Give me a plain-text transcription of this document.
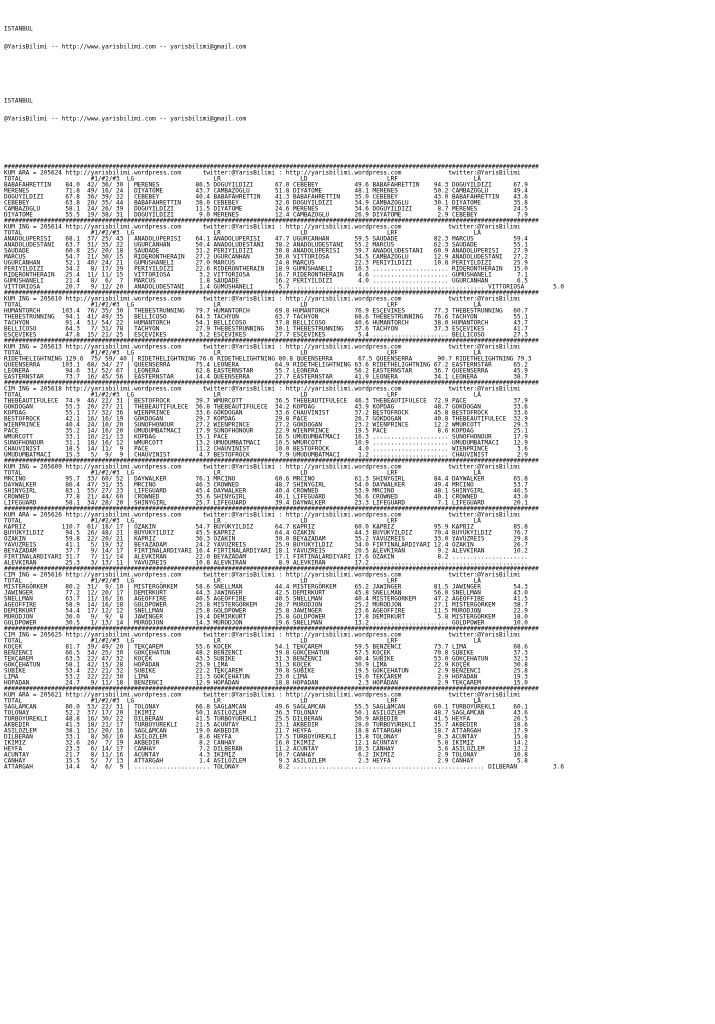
ISTANBUL

@YarisBilimi -- http://www.yarisbilimi.com -- yarisbilimi@gmail.com

ISTANBUL

@YarisBilimi -- http://www.yarisbilimi.com -- yarisbilimi@gmail.com

####################################################################################################################################################
KUM ARA = 205624 http://yarisbilimi.wordpress.com      twitter:@YarisBilimi : http://yarisbilimi.wordpress.com             twitter:@YarisBilimi
TOTAL                   #1/#2/#3  LG                      LR                      LD                      LRF                     LA
BABAFAHRETTIN    84.0  42/ 36/ 30 | MERENES          86.5 DOGUYILDIZI      67.0 CEBEBEY          49.6 BABAFAHRETTIN    94.3 DOGUYILDIZI      67.9
MERENES          71.8  49/ 16/ 24 | DIYATOME         43.7 CAMBAZOGLU       51.8 DIYATOME         48.1 MERENES          50.2 CAMBAZOGLU       49.4
DOGUYILDIZI      67.8  36/ 39/ 22 | CEBEBEY          40.4 BABAFAHRETTIN    41.3 BABAFAHRETTIN    35.0 CEBEBEY          43.0 BABAFAHRETTIN    43.6
CEBEBEY          63.8  20/ 35/ 44 | BABAFAHRETTIN    38.0 CEBEBEY          32.0 DOGUYILDIZI      34.9 CAMBAZOGLU       30.1 DIYATOME         35.8
CAMBAZOGLU       58.1  24/ 26/ 39 | DOGUYILDIZI      11.5 DIYATOME         24.6 MERENES          34.6 DOGUYILDIZI       8.7 MERENES          24.5
DIYATOME         55.5  19/ 38/ 31 | DOGUYILDIZI       9.0 MERENES          12.4 CAMBAZOGLU       26.9 DIYATOME          2.9 CEBEBEY           7.9
####################################################################################################################################################
KUM ING = 205614 http://yarisbilimi.wordpress.com      twitter:@YarisBilimi : http://yarisbilimi.wordpress.com             twitter:@YarisBilimi
TOTAL                   #1/#2/#3  LG                      LR                      LD                      LRF                     LA
ANADOLUPERISI    68.1  37/ 25/ 43 | ANADOLUPERISI    64.1 ANADOLUPERISI    47.7 UGURCANHAN       59.5 SAUDADE          82.3 MARCUS           59.4
ANADOLUDESTANI   63.7  31/ 35/ 22 | UGURCANHAN       50.4 ANADOLUDESTANI   38.2 ANADOLUDESTANI   55.2 MARCUS           62.3 SAUDADE          55.1
SAUDADE          60.8  25/ 20/ 18 | SAUDADE          31.2 PERIYILDIZI      30.8 ANADOLUPERISI    39.7 ANADOLUDESTANI   60.9 ANADOLUPERISI    27.9
MARCUS           54.7  21/ 30/ 15 | RIDERONTHERAIN   27.2 UGURCANHAN       30.0 VITTORIOSA       34.5 CAMBAZOGLU       12.9 ANADOLUDESTANI   27.2
UGURCANHAN       52.1  40/ 24/ 21 | GÜMÜSHANELI      27.0 MARCUS           24.8 MARCUS           22.3 PERIYILDIZI      10.8 PERIYILDIZI      25.9
PERIYILDIZI      34.2   8/ 17/ 29 | PERIYILDIZI      22.6 RIDERONTHERAIN   18.9 GÜMÜSHANELI      10.3 ..................... RIDERONTHERAIN   15.0
RIDERONTHERAIN   25.4  11/ 11/ 15 | VITTORIOSA        3.2 VITTORIOSA       16.7 RIDERONTHERAIN    4.6 ..................... GÜMÜSHANELI       7.1
GÜMÜSHANELI      21.4   8/  6/  7 | MARCUS            1.8 SAUDADE          16.2 PERIYILDIZI       4.0 ..................... UGURCANHAN        6.5
VITTORIOSA       20.7   9/ 12/ 20 | ANADOLUDESTANI    1.4 GÜMÜSHANELI       5.7 ..................................................... VITTORIOSA        5.0
####################################################################################################################################################
KUM ING = 205610 http://yarisbilimi.wordpress.com      twitter:@YarisBilimi : http://yarisbilimi.wordpress.com             twitter:@YarisBilimi
TOTAL                   #1/#2/#3  LG                      LR                      LD                      LRF                     LA
HUMANTORCH      103.4  76/ 35/ 30 | THEBESTRUNNING   79.7 HUMANTORCH       69.8 HUMANTORCH       76.9 ESÇEVIKES        77.3 THEBESTRUNNING   60.7
THEBESTRUNNING   94.1  41/ 49/ 35 | BELLICOSO        64.3 TACHYON          63.7 TACHYON          68.6 THEBESTRUNNING   76.6 TACHYON          55.1
TACHYON          91.4  51/ 54/ 22 | HUMANTORCH       54.1 BELLICOSO        37.8 BELLICOSO        40.6 HUMANTORCH       38.0 HUMANTORCH       43.7
BELLICOSO        64.3   7/ 31/ 78 | TACHYON          27.9 THEBESTRUNNING   30.1 THEBESTRUNNING   37.6 TACHYON          37.3 ESÇEVIKES        41.7
ESÇEVIKES        47.8  15/ 21/ 25 | ESÇEVIKES         3.2 ESÇEVIKES        27.7 ESÇEVIKES         5.4 ..................... BELLICOSO        27.3
####################################################################################################################################################
KUM ING = 205613 http://yarisbilimi.wordpress.com      twitter:@YarisBilimi : http://yarisbilimi.wordpress.com             twitter:@YarisBilimi
TOTAL                   #1/#2/#3  LG                      LR                      LD                      LRF                     LA
RIDETHELIGHTNING 129.6  75/ 59/ 40 | RIDETHELIGHTNING 76.6 RIDETHELIGHTNING 80.8 QUEENSERRA       67.5 QUEENSERRA       90.7 RIDETHELIGHTNING 79.3
QUEENSERRA      103.1  68/ 34/ 27 | QUEENSERRA       75.4 LEONERA          64.9 RIDETHELIGHTNING 63.6 RIDETHELIGHTNING 67.2 EASTERNSTAR      65.2
LEONERA          94.6  31/ 52/ 67 | LEONERA          62.8 EASTERNSTAR      55.7 LEONERA          56.2 EASTERNSTAR      36.7 QUEENSERRA       45.9
EASTERNSTAR      73.7  16/ 45/ 56 | EASTERNSTAR      14.4 QUEENSERRA       27.7 EASTERNSTAR      41.9 LEONERA          34.1 LEONERA          38.7
####################################################################################################################################################
CIM ING = 205618 http://yarisbilimi.wordpress.com      twitter:@YarisBilimi : http://yarisbilimi.wordpress.com             twitter:@YarisBilimi
TOTAL                   #1/#2/#3  LG                      LR                      LD                      LRF                     LA
THEBEAUTIFULECE  74.9  46/ 22/ 31 | BESTOFROCK       39.7 WMURCOTT         36.5 THEBEAUTIFULECE  46.3 THEBEAUTIFULECE  72.9 PACE             37.9
GÖKDOGAN         55.3  20/ 27/ 21 | THEBEAUTIFULECE  36.8 THEBEAUTIFULECE  34.2 KOPDAG           43.9 KOPDAG           48.7 GÖKDOGAN         33.6
KOPDAG           55.1  17/ 32/ 36 | WIENPRINCE       33.6 GÖKDOGAN         33.6 CHAUVINIST       37.2 BESTOFROCK       45.8 BESTOFROCK       33.6
BESTOFROCK       42.1  16/ 16/ 19 | GÖKDOGAN         29.7 KOPDAG           29.8 PACE             26.7 GÖKDOGAN         40.8 THEBEAUTIFULECE  32.9
WIENPRINCE       40.4  24/ 10/ 20 | SUNOFHONOUR      27.2 WIENPRINCE       27.2 GÖKDOGAN         23.2 WIENPRINCE       12.2 WMURCOTT         29.3
PACE             35.2  14/ 16/ 20 | UMUDUMBATMACI    17.9 SUNOFHONOUR      22.9 WIENPRINCE       19.5 PACE              8.6 KOPDAG           25.1
WMURCOTT         33.1  16/ 21/ 13 | KOPDAG           15.1 PACE             16.5 UMUDUMBATMACI    16.3 ..................... SUNOFHONOUR      17.9
SUNOFHONOUR      31.1  18/ 16/ 12 | WMURCOTT         13.2 UMUDUMBATMACI    10.5 WMURCOTT         10.9 ..................... UMUDUMBATMACI    12.9
CHAUVINIST       18.5  14/ 11/  9 | PACE             11.2 CHAUVINIST       10.0 BESTOFROCK        4.0 ..................... WIENPRINCE        3.6
UMUDUMBATMACI    15.3   5/  9/  9 | CHAUVINIST        4.7 BESTOFROCK        7.9 UMUDUMBATMACI     1.2 ..................... CHAUVINIST        2.9
####################################################################################################################################################
KUM ING = 205609 http://yarisbilimi.wordpress.com      twitter:@YarisBilimi : http://yarisbilimi.wordpress.com             twitter:@YarisBilimi
TOTAL                   #1/#2/#3  LG                      LR                      LD                      LRF                     LA
MRCINO           95.7  33/ 60/ 52 | DAYWALKER        76.1 MRCINO           60.6 MRCINO           61.3 SHINYGIRL        84.4 DAYWALKER        65.8
DAYWALKER        86.4  47/ 31/ 35 | MRCINO           46.3 CROWNED          48.7 SHINYGIRL        54.0 DAYWALKER        49.4 MRCINO           53.7
SHINYGIRL        83.1  55/ 27/ 23 | LIFEGUARD        45.4 DAYWALKER        40.4 CROWNED          53.9 MRCINO           48.1 SHINYGIRL        46.5
CROWNED          77.8  21/ 44/ 60 | CROWNED          35.6 SHINYGIRL        40.1 LIFEGUARD        36.6 CROWNED          40.1 CROWNED          43.0
LIFEGUARD        58.1  34/ 28/ 20 | SHINYGIRL        25.7 LIFEGUARD        39.4 DAYWALKER        23.3 LIFEGUARD         7.1 LIFEGUARD        20.1
####################################################################################################################################################
KUM ARA = 205626 http://yarisbilimi.wordpress.com      twitter:@YarisBilimi : http://yarisbilimi.wordpress.com             twitter:@YarisBilimi
TOTAL                   #1/#2/#3  LG                      LR                      LD                      LRF                     LA
KAPRIZ          110.7  61/ 18/ 17 | ÖZAKIN           54.7 BÜYÜKYILDIZ      64.7 KAPRIZ           60.0 KAPRIZ           95.9 KAPRIZ           85.8
BÜYÜKYILDIZ      94.5  26/ 48/ 21 | BÜYÜKYILDIZ      45.5 KAPRIZ           64.4 ÖZAKIN           44.3 BÜYÜKYILDIZ      70.4 BÜYÜKYILDIZ      76.7
ÖZAKIN           59.8  22/ 20/ 21 | KAPRIZ           36.3 ÖZAKIN           30.0 BEYAZADAM        35.2 YAVUZREIS        33.0 YAVUZREIS        29.8
YAVUZREIS        41.1   5/ 19/ 32 | BEYAZADAM        24.2 YAVUZREIS        25.9 BÜYÜKYILDIZ      34.0 FIRTINALARDIYARI 12.4 ÖZAKIN           26.7
BEYAZADAM        37.7   9/ 14/ 17 | FIRTINALARDIYARI 16.4 FIRTINALARDIYARI 18.1 YAVUZREIS        20.5 ALEVKIRAN         9.2 ALEVKIRAN        10.2
FIRTINALARDIYARI 31.7   7/ 11/ 14 | ALEVKIRAN        22.0 BEYAZADAM        17.1 FIRTINALARDIYARI 17.6 ÖZAKIN            8.2 .....................
ALEVKIRAN        25.3   3/ 13/ 11 | YAVUZREIS        10.8 ALEVKIRAN         8.9 ALEVKIRAN        17.2 ...........................................
####################################################################################################################################################
CIM ING = 205616 http://yarisbilimi.wordpress.com      twitter:@YarisBilimi : http://yarisbilimi.wordpress.com             twitter:@YarisBilimi
TOTAL                   #1/#2/#3  LG                      LR                      LD                      LRF                     LA
MISTERGÖRKEM     80.2  31/  9/ 10 | MISTERGÖRKEM     58.6 SNELLMAN         44.4 MISTERGÖRKEM     65.2 JAWINGER         81.5 JAWINGER         54.3
JAWINGER         77.2  12/ 20/ 17 | DEMIRKURT        44.3 JAWINGER         42.5 DEMIRKURT        45.8 SNELLMAN         56.0 SNELLMAN         43.0
SNELLMAN         63.7  11/ 16/ 16 | AGEOFFIRE        40.5 AGEOFFIRE        40.5 SNELLMAN         40.4 MISTERGÖRKEM     47.2 AGEOFFIRE        41.5
AGEOFFIRE        58.9  14/ 16/ 18 | GOLDPOWER        25.8 MISTERGÖRKEM     28.7 MURODJON         25.2 MURODJON         27.1 MISTERGÖRKEM     38.7
DEMIRKURT        54.4  17/ 12/ 12 | SNELLMAN         25.8 GOLDPOWER        25.8 JAWINGER         23.6 AGEOFFIRE        11.5 MURODJON         22.9
MURODJON         36.0   9/  9/  8 | JAWINGER         19.4 DEMIRKURT        25.8 GOLDPOWER        17.8 DEMIRKURT         5.8 MISTERGÖRKEM     18.0
GOLDPOWER        30.5   1/ 13/ 14 | MURODJON         14.3 MURODJON         19.6 SNELLMAN         13.2 ..................... GOLDPOWER        10.0
####################################################################################################################################################
CIM ING = 205625 http://yarisbilimi.wordpress.com      twitter:@YarisBilimi : http://yarisbilimi.wordpress.com             twitter:@YarisBilimi
TOTAL                   #1/#2/#3  LG                      LR                      LD                      LRF                     LA
KOÇEK            81.7  39/ 49/ 20 | TEKÇAREM         55.6 KOÇEK            54.1 TEKÇAREM         59.5 BENZENCI         73.7 LIMA             68.6
BENZENCI         66.5  34/ 25/ 30 | GÖKÇEHATUN       48.2 BENZENCI         39.8 GÖKÇEHATUN       57.5 KOÇEK            70.8 SUBIKE           37.3
TEKÇAREM         63.3  22/ 47/ 32 | KOÇEK            43.3 SUBIKE           31.3 BENZENCI         40.4 SUBIKE           53.0 GÖKÇEHATUN       32.3
GÖKÇEHATUN       58.1  42/ 15/ 28 | HOPADAN          25.9 LIMA             31.3 KOÇEK            30.9 LIMA             22.9 KOÇEK            30.8
SUBIKE           53.4  22/ 21/ 32 | SUBIKE           22.2 TEKÇAREM         30.8 SUBIKE           19.5 GÖKÇEHATUN        2.9 BENZENCI         25.8
LIMA             53.2  22/ 22/ 30 | LIMA             21.3 GÖKÇEHATUN       23.0 LIMA             19.0 TEKÇAREM          2.9 HOPADAN          19.3
HOPADAN          24.7   9/ 11/ 18 | BENZENCI         12.9 HOPADAN          18.8 HOPADAN           2.3 HOPADAN           2.9 TEKÇAREM         15.0
####################################################################################################################################################
KUM ARA = 205621 http://yarisbilimi.wordpress.com      twitter:@YarisBilimi : http://yarisbilimi.wordpress.com             twitter:@YarisBilimi
TOTAL                   #1/#2/#3  LG                      LR                      LD                      LRF                     LA
SAGLAMCAN        80.0  53/ 22/ 31 | TOLONAY          66.8 SAGLAMCAN        49.6 SAGLAMCAN        55.5 SAGLAMCAN        60.1 TURBOYÜREKLI     60.1
TOLONAY          52.2  37/ 17/ 20 | IKIMIZ           50.1 ASILÖZLEM        36.3 TOLONAY          50.1 ASILÖZLEM        48.7 SAGLAMCAN        43.6
TURBOYÜREKLI     48.8  16/ 30/ 22 | DILBERAN         41.5 TURBOYÜREKLI     25.5 DILBERAN         30.9 AKBEDIR          41.5 HEYFA            26.5
AKBEDIR          41.3  18/ 21/ 17 | TURBOYÜREKLI     21.5 ACUNTAY          23.1 AKBEDIR          28.0 TURBOYÜREKLI     35.7 AKBEDIR          18.6
ASILÖZLEM        38.1  15/ 20/ 16 | SAGLAMCAN        19.0 AKBEDIR          21.7 HEYFA            18.8 ATTARGAH         18.7 ATTARGAH         17.9
DILBERAN         33.1   8/ 36/ 10 | ASILÖZLEM         8.6 HEYFA            17.5 TURBOYÜREKLI     13.8 TOLONAY           9.3 ACUNTAY          15.8
IKIMIZ           32.6  20/  7/ 19 | AKBEDIR           8.2 CANHAY           16.0 IKIMIZ           12.1 ACUNTAY           5.8 IKIMIZ           14.2
HEYFA            23.3   6/ 14/ 17 | CANHAY            7.2 DILBERAN         11.2 ACUNTAY          10.3 CANHAY            3.6 ASILÖZLEM        12.2
ACUNTAY          21.7   8/ 11/ 16 | ACUNTAY           4.3 IKIMIZ           10.7 CANHAY            6.2 IKIMIZ            2.9 TOLONAY          10.8
CANHAY           15.5   5/  7/ 13 | ATTARGAH          1.4 ASILÖZLEM         9.3 ASILÖZLEM         2.3 HEYFA             2.9 CANHAY            5.8
ATTARGAH         14.4   4/  6/  9 | ..................... TOLONAY           8.2 ..................................................... DILBERAN          3.6
